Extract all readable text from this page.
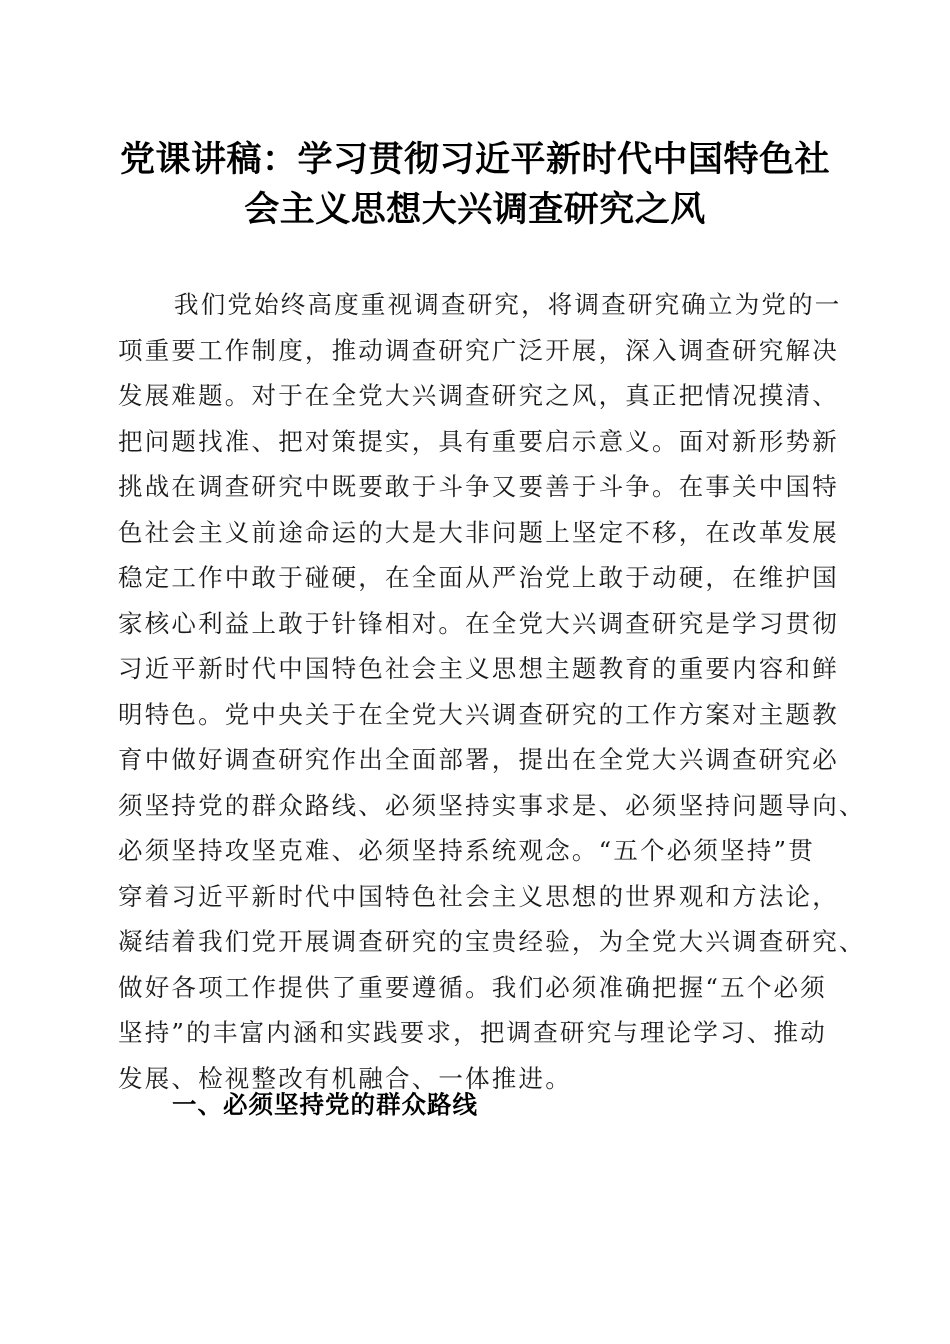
党课讲稿：学习贯彻习近平新时代中国特色社
会主义思想大兴调查研究之风

我们党始终高度重视调查研究，将调查研究确立为党的一
项重要工作制度，推动调查研究广泛开展，深入调查研究解决
发展难题。对于在全党大兴调查研究之风，真正把情况摸清、
把问题找准、把对策提实，具有重要启示意义。面对新形势新
挑战在调查研究中既要敢于斗争又要善于斗争。在事关中国特
色社会主义前途命运的大是大非问题上坚定不移，在改革发展
稳定工作中敢于碰硬，在全面从严治党上敢于动硬，在维护国
家核心利益上敢于针锋相对。在全党大兴调查研究是学习贯彻
习近平新时代中国特色社会主义思想主题教育的重要内容和鲜
明特色。党中央关于在全党大兴调查研究的工作方案对主题教
育中做好调查研究作出全面部署，提出在全党大兴调查研究必
须坚持党的群众路线、必须坚持实事求是、必须坚持问题导向、
必须坚持攻坚克难、必须坚持系统观念。“五个必须坚持”贯
穿着习近平新时代中国特色社会主义思想的世界观和方法论，
凝结着我们党开展调查研究的宝贵经验，为全党大兴调查研究、
做好各项工作提供了重要遵循。我们必须准确把握“五个必须
坚持”的丰富内涵和实践要求，把调查研究与理论学习、推动
发展、检视整改有机融合、一体推进。

一、必须坚持党的群众路线
